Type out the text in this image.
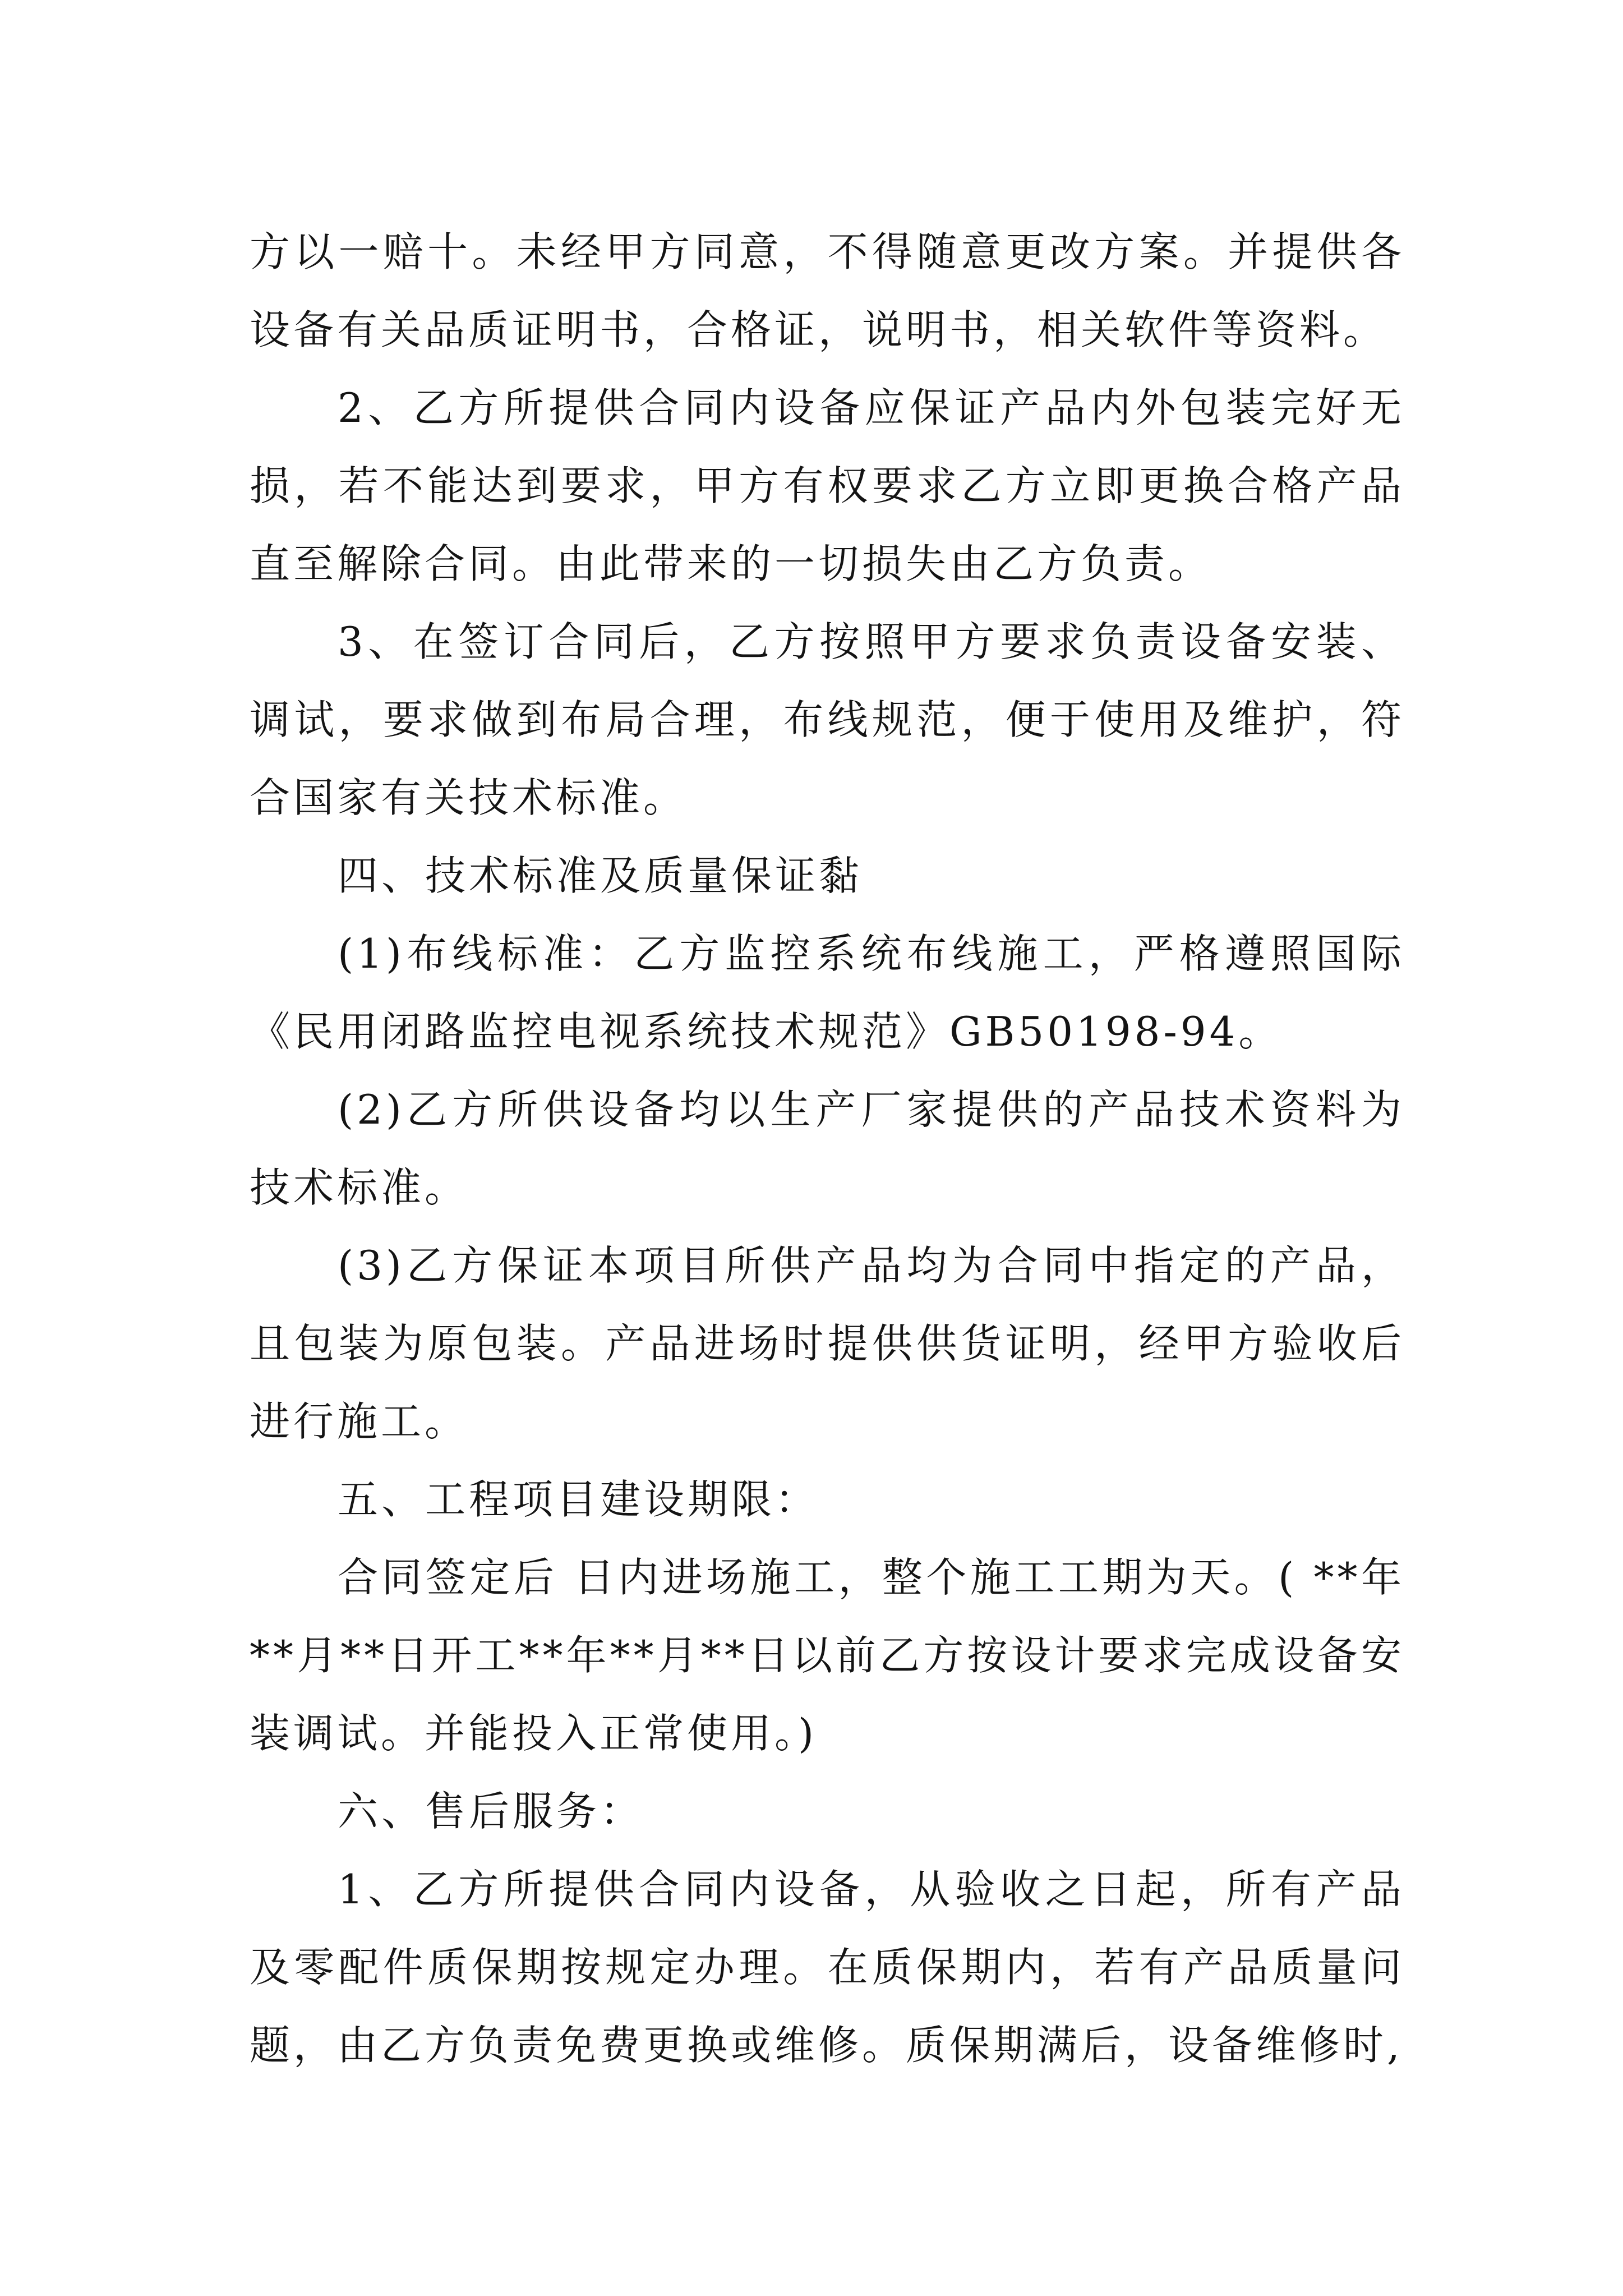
方以一赔十。未经甲方同意，不得随意更改方案。并提供各设备有关品质证明书，合格证，说明书，相关软件等资料。

2、乙方所提供合同内设备应保证产品内外包装完好无损，若不能达到要求，甲方有权要求乙方立即更换合格产品直至解除合同。由此带来的一切损失由乙方负责。

3、在签订合同后，乙方按照甲方要求负责设备安装、调试，要求做到布局合理，布线规范，便于使用及维护，符合国家有关技术标准。

四、技术标准及质量保证黏

(1)布线标准：乙方监控系统布线施工，严格遵照国际《民用闭路监控电视系统技术规范》GB50198-94。

(2)乙方所供设备均以生产厂家提供的产品技术资料为技术标准。

(3)乙方保证本项目所供产品均为合同中指定的产品，且包装为原包装。产品进场时提供供货证明，经甲方验收后进行施工。

五、工程项目建设期限：

合同签定后 日内进场施工，整个施工工期为天。( **年**月**日开工**年**月**日以前乙方按设计要求完成设备安装调试。并能投入正常使用。)

六、售后服务：

1、乙方所提供合同内设备，从验收之日起，所有产品及零配件质保期按规定办理。在质保期内，若有产品质量问题，由乙方负责免费更换或维修。质保期满后，设备维修时,
